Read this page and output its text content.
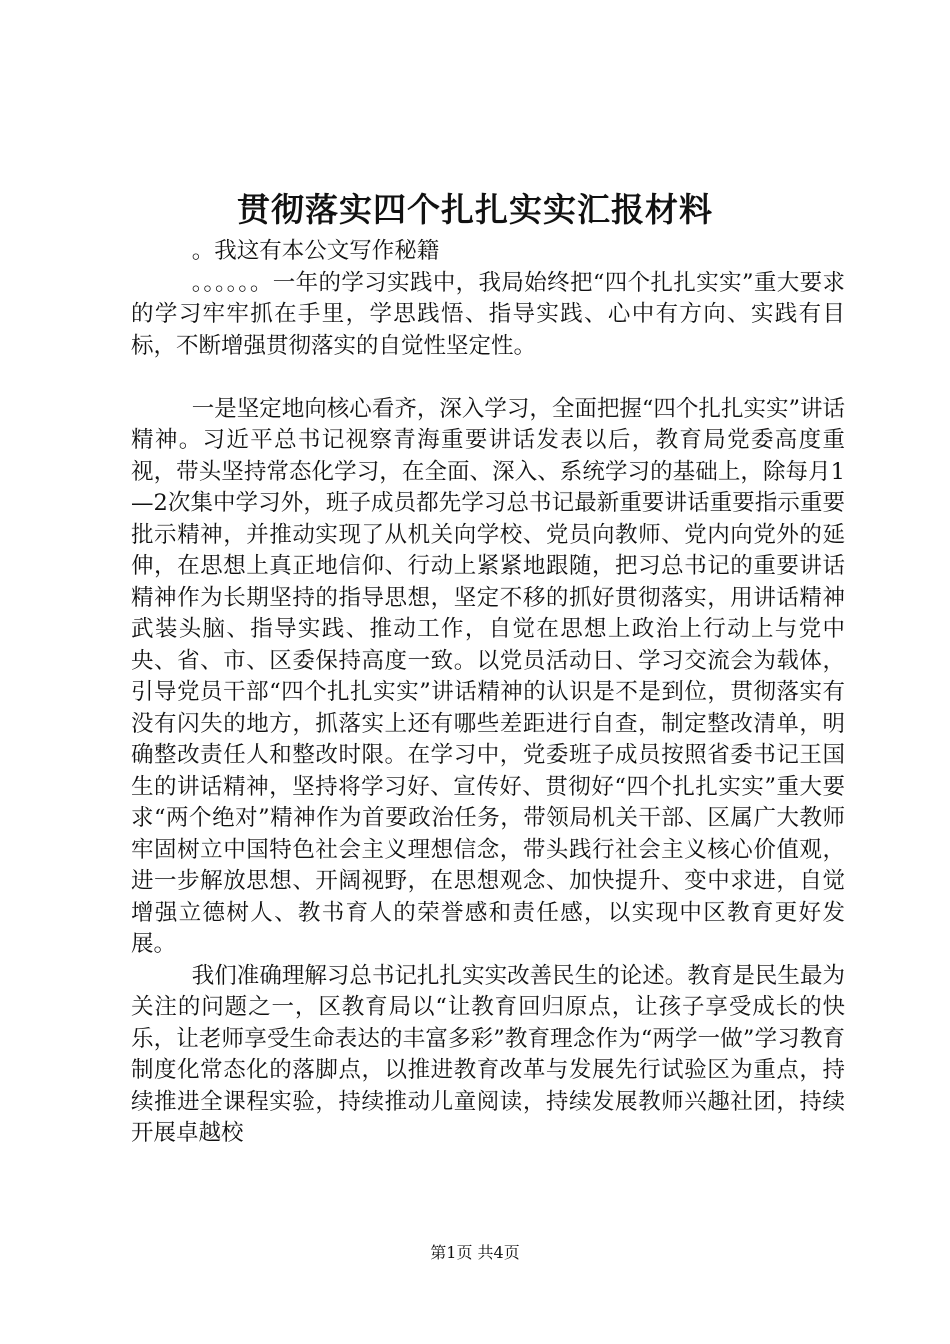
贯彻落实四个扎扎实实汇报材料

。我这有本公文写作秘籍

。。。。。。一年的学习实践中，我局始终把“四个扎扎实实”重大要求的学习牢牢抓在手里，学思践悟、指导实践、心中有方向、实践有目标，不断增强贯彻落实的自觉性坚定性。

一是坚定地向核心看齐，深入学习，全面把握“四个扎扎实实”讲话精神。习近平总书记视察青海重要讲话发表以后，教育局党委高度重视，带头坚持常态化学习，在全面、深入、系统学习的基础上，除每月1—2次集中学习外，班子成员都先学习总书记最新重要讲话重要指示重要批示精神，并推动实现了从机关向学校、党员向教师、党内向党外的延伸，在思想上真正地信仰、行动上紧紧地跟随，把习总书记的重要讲话精神作为长期坚持的指导思想，坚定不移的抓好贯彻落实，用讲话精神武装头脑、指导实践、推动工作，自觉在思想上政治上行动上与党中央、省、市、区委保持高度一致。以党员活动日、学习交流会为载体，引导党员干部“四个扎扎实实”讲话精神的认识是不是到位，贯彻落实有没有闪失的地方，抓落实上还有哪些差距进行自查，制定整改清单，明确整改责任人和整改时限。在学习中，党委班子成员按照省委书记王国生的讲话精神，坚持将学习好、宣传好、贯彻好“四个扎扎实实”重大要求“两个绝对”精神作为首要政治任务，带领局机关干部、区属广大教师牢固树立中国特色社会主义理想信念，带头践行社会主义核心价值观，进一步解放思想、开阔视野，在思想观念、加快提升、变中求进，自觉增强立德树人、教书育人的荣誉感和责任感，以实现中区教育更好发展。

我们准确理解习总书记扎扎实实改善民生的论述。教育是民生最为关注的问题之一，区教育局以“让教育回归原点，让孩子享受成长的快乐，让老师享受生命表达的丰富多彩”教育理念作为“两学一做”学习教育制度化常态化的落脚点，以推进教育改革与发展先行试验区为重点，持续推进全课程实验，持续推动儿童阅读，持续发展教师兴趣社团，持续开展卓越校

第1页 共4页
